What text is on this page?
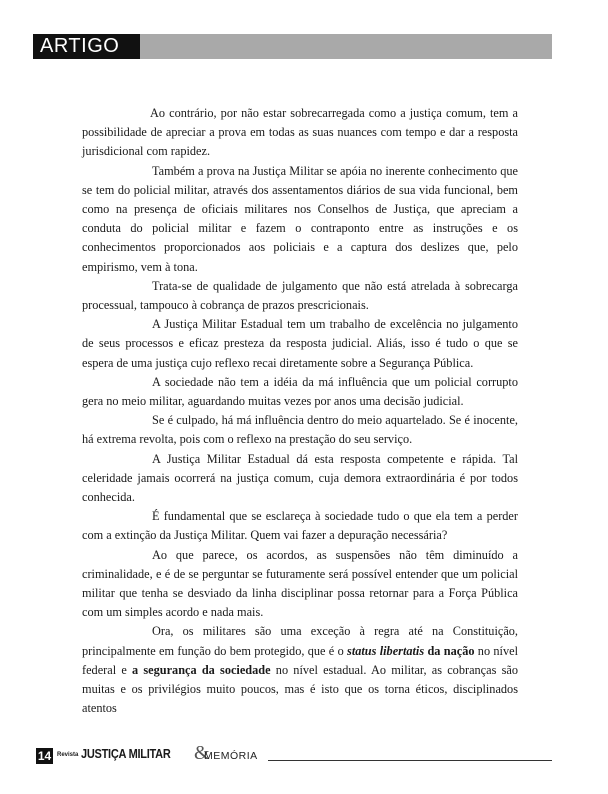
ARTIGO

Ao contrário, por não estar sobrecarregada como a justiça comum, tem a possibilidade de apreciar a prova em todas as suas nuances com tempo e dar a resposta jurisdicional com rapidez.

Também a prova na Justiça Militar se apóia no inerente conhecimento que se tem do policial militar, através dos assentamentos diários de sua vida funcional, bem como na presença de oficiais militares nos Conselhos de Justiça, que apreciam a conduta do policial militar e fazem o contraponto entre as instruções e os conhecimentos proporcionados aos policiais e a captura dos deslizes que, pelo empirismo, vem à tona.

Trata-se de qualidade de julgamento que não está atrelada à sobrecarga processual, tampouco à cobrança de prazos prescricionais.

A Justiça Militar Estadual tem um trabalho de excelência no julgamento de seus processos e eficaz presteza da resposta judicial. Aliás, isso é tudo o que se espera de uma justiça cujo reflexo recai diretamente sobre a Segurança Pública.

A sociedade não tem a idéia da má influência que um policial corrupto gera no meio militar, aguardando muitas vezes por anos uma decisão judicial.

Se é culpado, há má influência dentro do meio aquartelado. Se é inocente, há extrema revolta, pois com o reflexo na prestação do seu serviço.

A Justiça Militar Estadual dá esta resposta competente e rápida. Tal celeridade jamais ocorrerá na justiça comum, cuja demora extraordinária é por todos conhecida.

É fundamental que se esclareça à sociedade tudo o que ela tem a perder com a extinção da Justiça Militar. Quem vai fazer a depuração necessária?

Ao que parece, os acordos, as suspensões não têm diminuído a criminalidade, e é de se perguntar se futuramente será possível entender que um policial militar que tenha se desviado da linha disciplinar possa retornar para a Força Pública com um simples acordo e nada mais.

Ora, os militares são uma exceção à regra até na Constituição, principalmente em função do bem protegido, que é o status libertatis da nação no nível federal e a segurança da sociedade no nível estadual. Ao militar, as cobranças são muitas e os privilégios muito poucos, mas é isto que os torna éticos, disciplinados atentos

14 Revista JUSTIÇA MILITAR &
MEMÓRIA
